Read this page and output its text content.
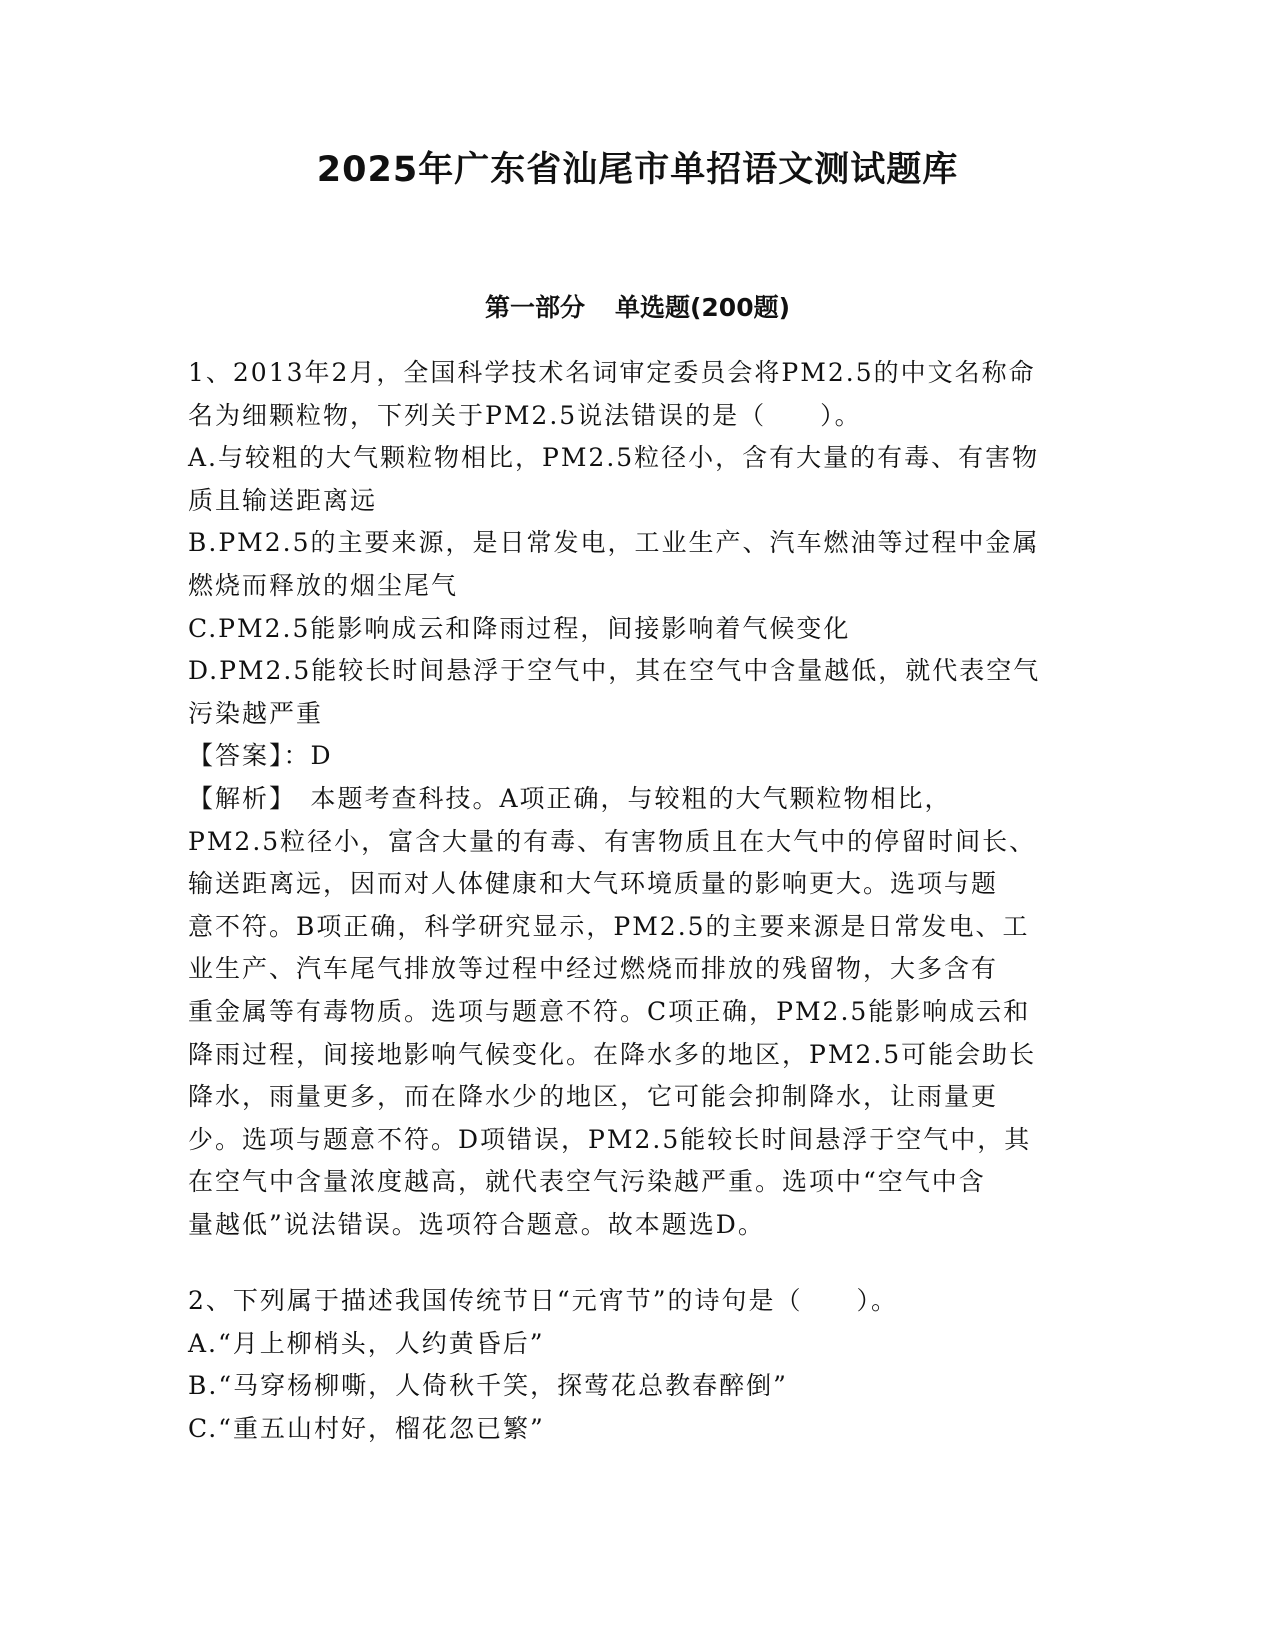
2025年广东省汕尾市单招语文测试题库
第一部分 单选题(200题)
1、2013年2月，全国科学技术名词审定委员会将PM2.5的中文名称命
名为细颗粒物，下列关于PM2.5说法错误的是（　　）。
A.与较粗的大气颗粒物相比，PM2.5粒径小，含有大量的有毒、有害物
质且输送距离远
B.PM2.5的主要来源，是日常发电，工业生产、汽车燃油等过程中金属
燃烧而释放的烟尘尾气
C.PM2.5能影响成云和降雨过程，间接影响着气候变化
D.PM2.5能较长时间悬浮于空气中，其在空气中含量越低，就代表空气
污染越严重
【答案】：D
【解析】　本题考查科技。A项正确，与较粗的大气颗粒物相比，
PM2.5粒径小，富含大量的有毒、有害物质且在大气中的停留时间长、
输送距离远，因而对人体健康和大气环境质量的影响更大。选项与题
意不符。B项正确，科学研究显示，PM2.5的主要来源是日常发电、工
业生产、汽车尾气排放等过程中经过燃烧而排放的残留物，大多含有
重金属等有毒物质。选项与题意不符。C项正确，PM2.5能影响成云和
降雨过程，间接地影响气候变化。在降水多的地区，PM2.5可能会助长
降水，雨量更多，而在降水少的地区，它可能会抑制降水，让雨量更
少。选项与题意不符。D项错误，PM2.5能较长时间悬浮于空气中，其
在空气中含量浓度越高，就代表空气污染越严重。选项中“空气中含
量越低”说法错误。选项符合题意。故本题选D。
2、下列属于描述我国传统节日“元宵节”的诗句是（　　）。
A.“月上柳梢头，人约黄昏后”
B.“马穿杨柳嘶，人倚秋千笑，探莺花总教春醉倒”
C.“重五山村好，榴花忽已繁”
